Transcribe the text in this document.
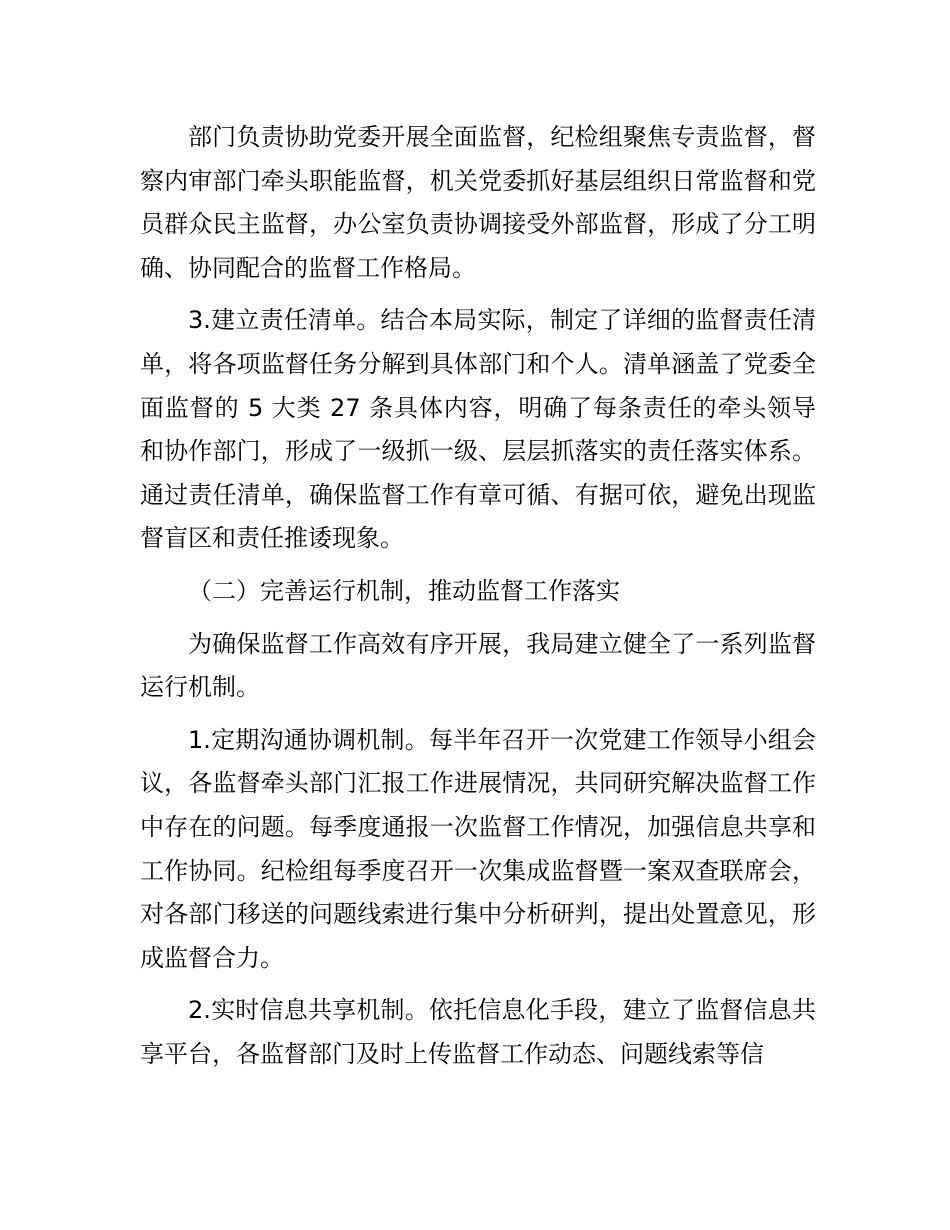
部门负责协助党委开展全面监督，纪检组聚焦专责监督，督察内审部门牵头职能监督，机关党委抓好基层组织日常监督和党员群众民主监督，办公室负责协调接受外部监督，形成了分工明确、协同配合的监督工作格局。

3.建立责任清单。结合本局实际，制定了详细的监督责任清单，将各项监督任务分解到具体部门和个人。清单涵盖了党委全面监督的 5 大类 27 条具体内容，明确了每条责任的牵头领导和协作部门，形成了一级抓一级、层层抓落实的责任落实体系。通过责任清单，确保监督工作有章可循、有据可依，避免出现监督盲区和责任推诿现象。

（二）完善运行机制，推动监督工作落实

为确保监督工作高效有序开展，我局建立健全了一系列监督运行机制。

1.定期沟通协调机制。每半年召开一次党建工作领导小组会议，各监督牵头部门汇报工作进展情况，共同研究解决监督工作中存在的问题。每季度通报一次监督工作情况，加强信息共享和工作协同。纪检组每季度召开一次集成监督暨一案双查联席会，对各部门移送的问题线索进行集中分析研判，提出处置意见，形成监督合力。

2.实时信息共享机制。依托信息化手段，建立了监督信息共享平台，各监督部门及时上传监督工作动态、问题线索等信
